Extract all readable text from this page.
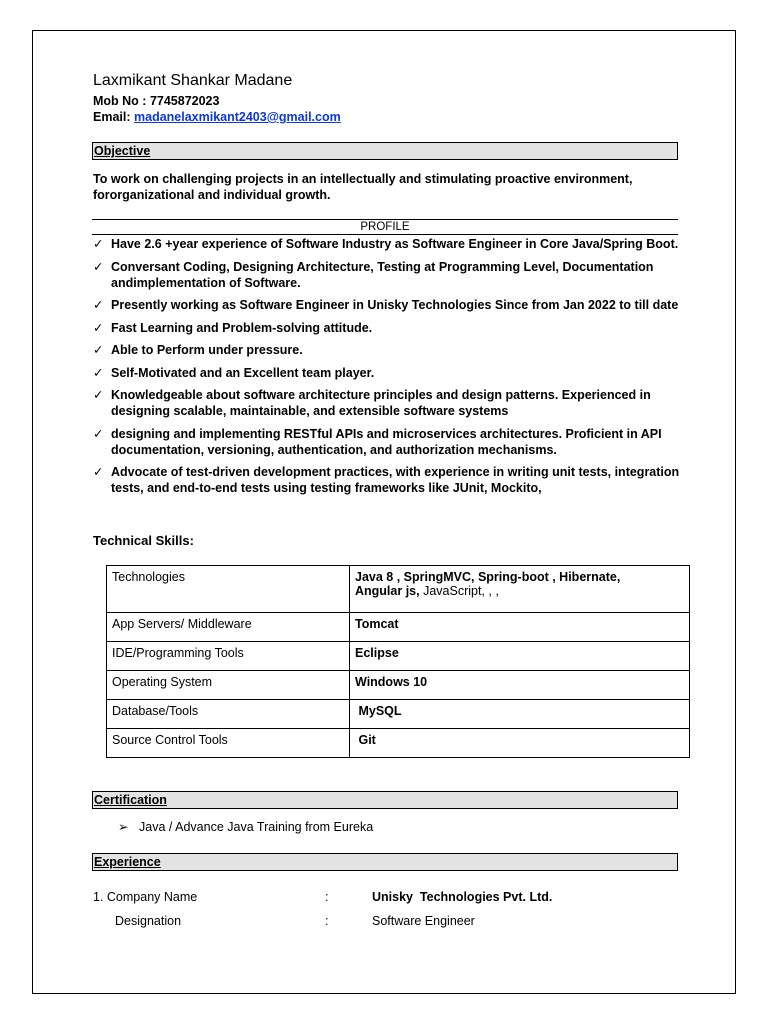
Laxmikant Shankar Madane
Mob No : 7745872023
Email: madanelaxmikant2403@gmail.com
Objective
To work on challenging projects in an intellectually and stimulating proactive environment, fororganizational and individual growth.
PROFILE
✓ Have 2.6 +year experience of Software Industry as Software Engineer in Core Java/Spring Boot.
✓ Conversant Coding, Designing Architecture, Testing at Programming Level, Documentation andimplementation of Software.
✓ Presently working as Software Engineer in Unisky Technologies Since from Jan 2022 to till date
✓ Fast Learning and Problem-solving attitude.
✓ Able to Perform under pressure.
✓ Self-Motivated and an Excellent team player.
✓ Knowledgeable about software architecture principles and design patterns. Experienced in designing scalable, maintainable, and extensible software systems
✓ designing and implementing RESTful APIs and microservices architectures. Proficient in API documentation, versioning, authentication, and authorization mechanisms.
✓ Advocate of test-driven development practices, with experience in writing unit tests, integration tests, and end-to-end tests using testing frameworks like JUnit, Mockito,
Technical Skills:
Technologies	Java 8 , SpringMVC, Spring-boot , Hibernate,
Angular js, JavaScript, , ,
App Servers/ Middleware	Tomcat
IDE/Programming Tools	Eclipse
Operating System	Windows 10
Database/Tools	MySQL
Source Control Tools	Git
Certification
➢ Java / Advance Java Training from Eureka
Experience
1. Company Name	:	Unisky  Technologies Pvt. Ltd.
Designation	:	Software Engineer
